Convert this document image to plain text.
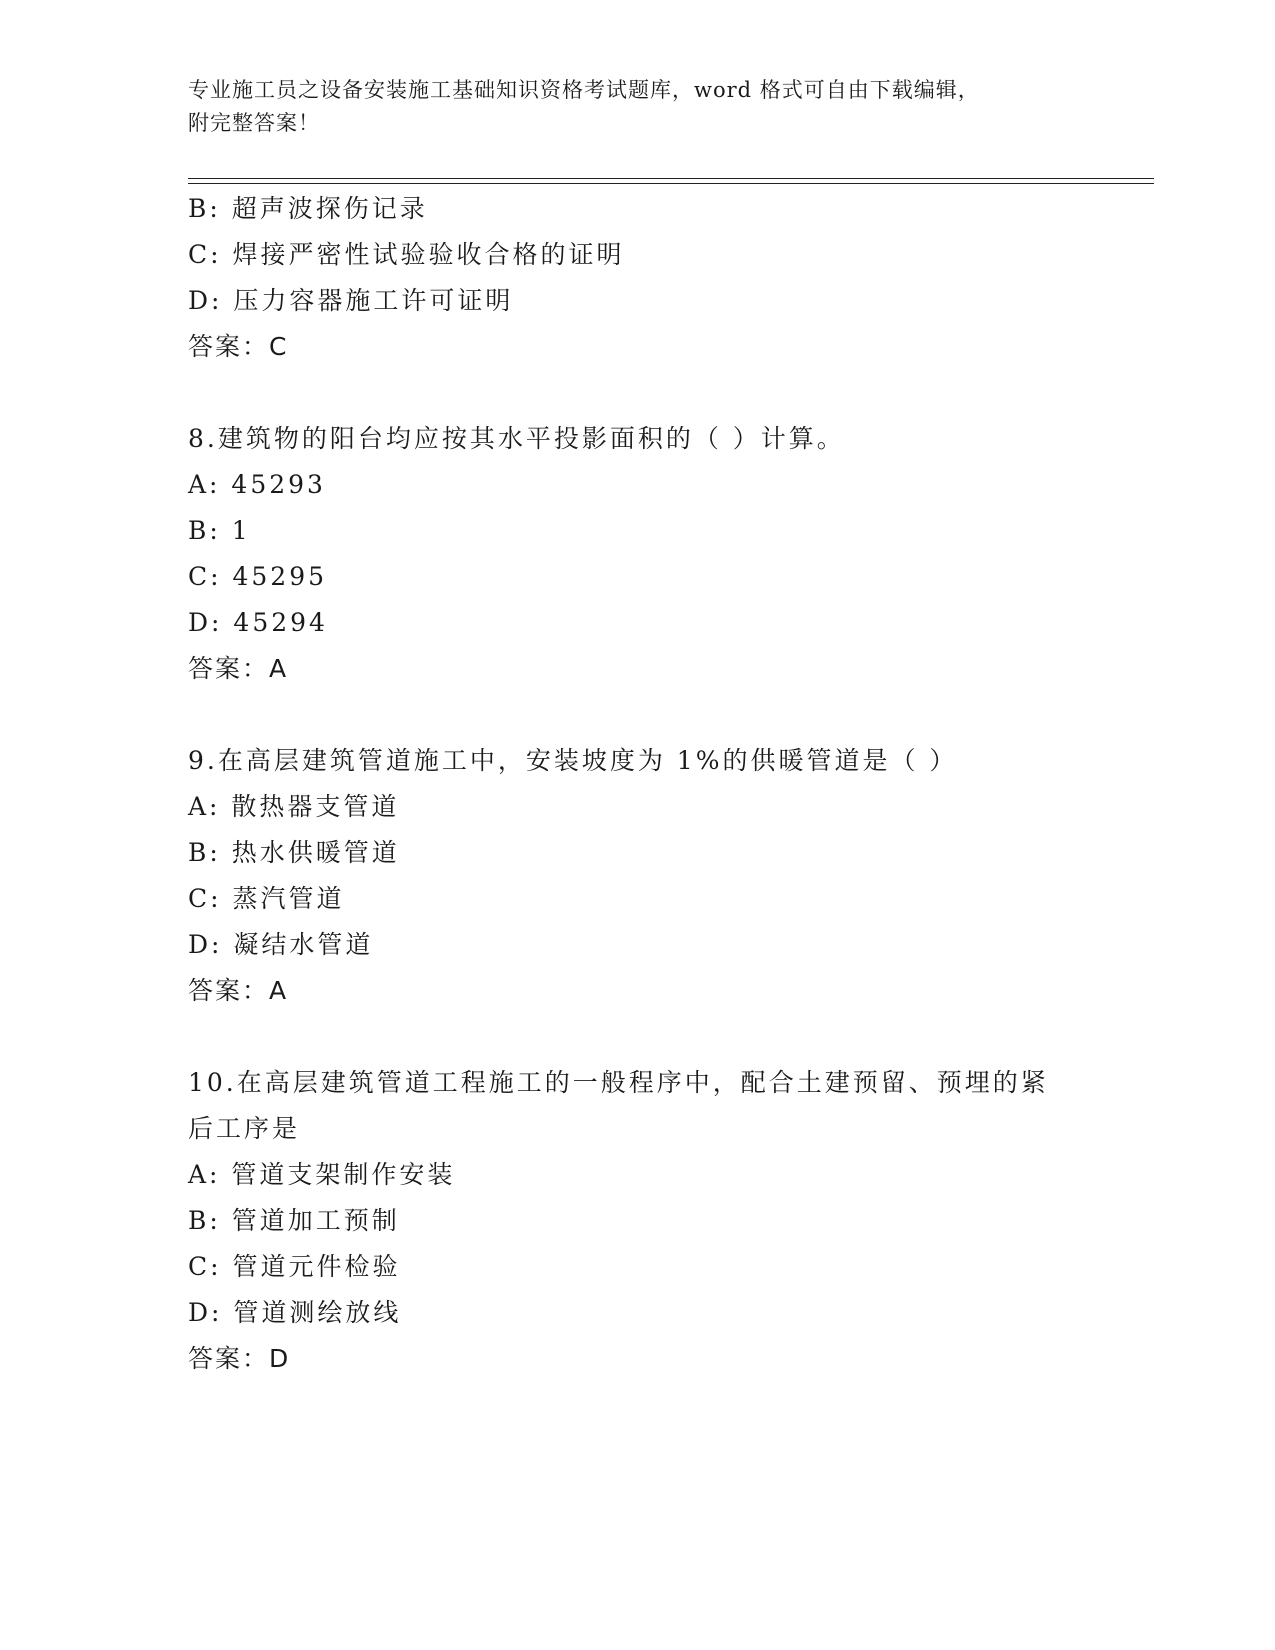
专业施工员之设备安装施工基础知识资格考试题库，word 格式可自由下载编辑，
附完整答案！
B: 超声波探伤记录
C: 焊接严密性试验验收合格的证明
D: 压力容器施工许可证明
答案：C
8.建筑物的阳台均应按其水平投影面积的（ ）计算。
A: 45293
B: 1
C: 45295
D: 45294
答案：A
9.在高层建筑管道施工中，安装坡度为 1%的供暖管道是（ ）
A: 散热器支管道
B: 热水供暖管道
C: 蒸汽管道
D: 凝结水管道
答案：A
10.在高层建筑管道工程施工的一般程序中，配合土建预留、预埋的紧
后工序是
A: 管道支架制作安装
B: 管道加工预制
C: 管道元件检验
D: 管道测绘放线
答案：D
